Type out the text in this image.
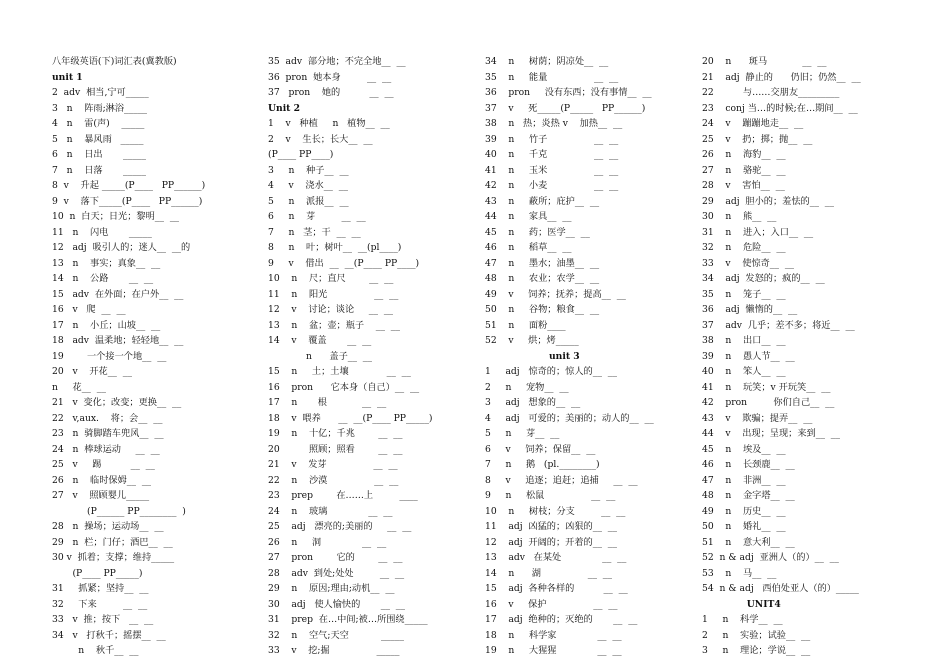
八年级英语(下)词汇表(冀教版)
unit 1
2  adv  相当,宁可_____
3   n    阵雨;淋浴_____
4   n    雷(声)    _____
5   n    暴风雨   _____
6   n    日出       _____
7   n    日落       _____
8  v    升起 _____(P____   PP______)
9  v    落下_____(P____   PP______)
10  n  白天；日光；黎明__  __
11   n    闪电       _____
12   adj  吸引人的；迷人__  __的
13   n    事实；真象__  __
14   n    公路       __  __
15   adv  在外面；在户外__  __
16   v   爬  __  __
17   n    小丘；山坡__  __
18   adv  温柔地；轻轻地__  __
19        一个接一个地__  __
20   v    开花__  __
n     花__  __
21   v  变化；改变；更换__  __
22   v,aux.    将；会__  __
23   n  骑脚踏车兜风__  __
24   n  棒球运动     __  __
25   v     踢          __  __
26   n    临时保姆__  __
27   v    照顾婴儿_____
(P______ PP________  )
28   n  操场；运动场__  __
29   n  栏；门仔；酒巴__  __
30 v  抓着；支撑；维持_____
(P____ PP_____)
31     抓紧；坚持__  __
32     下来         __  __
33   v  推；按下   __  __
34   v   打秋千；摇摆__  __
n    秋千__  __
35  adv  部分地；不完全地__  __
36  pron  她本身         __  __
37   pron    她的          __  __
Unit 2
1    v   种植     n   植物__  __
2    v    生长；长大__  __
(P____ PP____)
3     n    种子__  __
4     v    浇水__  __
5     n    派报__  __
6     n    芽         __  __
7     n   茎；干  __  __
8     n    叶；树叶__  __(pl____)
9     v    借出  __  __(P____ PP____)
10    n    尺；直尺        __  __
11    n    阳光                __  __
12    v    讨论；谈论     __  __
13    n    盆；壶；瓶子    __  __
14    v    覆盖       __  __
n      盖子__  __
15    n     土；土壤             __  __
16    pron      它本身（自己）__  __
17    n       根            __  __
18    v  喂养      __  __(P____ PP_____)
19    n    十亿；千兆        __  __
20          照顾；照看        __  __
21    v    发芽                __  __
22    n    沙漠                __  __
23    prep        在……上         ____
24    n    玻璃              __  __
25    adj   漂亮的;美丽的     __  __
26    n     洞              __  __
27    pron        它的        __  __
28    adv  到处;处处         __  __
29    n    原因;理由;动机__  __
30    adj   使人愉快的       __  __
31    prep  在…中间;被…所围绕_____
32    n    空气;天空           _____
33    v    挖;掘                _____
34    n     树荫；阴凉处__  __
35    n     能量                __  __
36    pron     没有东西；没有事情__  __
37    v     死_____(P_____   PP______)
38    n   热；炎热 v    加热__  __
39    n     竹子                __  __
40    n     千克                __  __
41    n     玉米                __  __
42    n     小麦                __  __
43    n     蔽所；庇护__  __
44    n     家具__  __
45    n     药；医学__  __
46    n     稻草__  __
47    n     墨水；油墨__  __
48    n     农业；农学__  __
49    v     饲养；抚养；提高__  __
50    n     谷物；粮食__  __
51    n     面粉____
52    v     烘；烤_____
unit 3
1     adj   惊奇的；惊人的__  __
2     n     宠物__  __
3     adj   想象的__  __
4     adj   可爱的；美丽的；动人的__  __
5     n     芽__  __
6     v     饲养；保留__  __
7     n     鹅   (pl.________)
8     v     追逐；追赶；追捕     __  __
9     n     松鼠                __  __
10    n     树枝；分支         __  __
11    adj  凶猛的；凶狠的__  __
12    adj  开阔的；开着的__  __
13    adv   在某处              __  __
14    n      湖                __  __
15    adj  各种各样的          __  __
16    v     保护                __  __
17    adj  绝种的；灭绝的       __  __
18    n     科学家              __  __
19    n     大猩猩              __  __
20    n      斑马            __  __
21    adj  静止的      仍旧；仍然__  __
22          与……交朋友_________
23    conj 当…的时候;在…期间__  __
24    v    蹦蹦地走__  __
25    v    扔；掷；抛__  __
26    n    海豹__  __
27    n    骆驼__  __
28    v    害怕__  __
29    adj  胆小的；羞怯的__  __
30    n    熊__  __
31    n    进入；入口__  __
32    n    危险__  __
33    v    使惊奇__  __
34    adj  发怒的；疯的__  __
35    n    笼子__  __
36    adj  懒惰的__  __
37    adv  几乎；差不多；将近__  __
38    n    出口__  __
39    n    愚人节__  __
40    n    笨人__  __
41    n    玩笑；v 开玩笑__  __
42    pron         你们自己__  __
43    v    欺骗；提弄__  __
44    v    出现；呈现；来到__  __
45    n    埃及__  __
46    n    长颈鹿__  __
47    n    非洲__  __
48    n    金字塔__  __
49    n    历史__  __
50    n    婚礼__  __
51    n    意大利__  __
52  n & adj  亚洲人（的）__  __
53    n    马__  __
54  n & adj   西伯处亚人（的）_____
UNIT4
1     n    科学__  __
2     n    实验；试验__  __
3     n    理论；学说__  __
